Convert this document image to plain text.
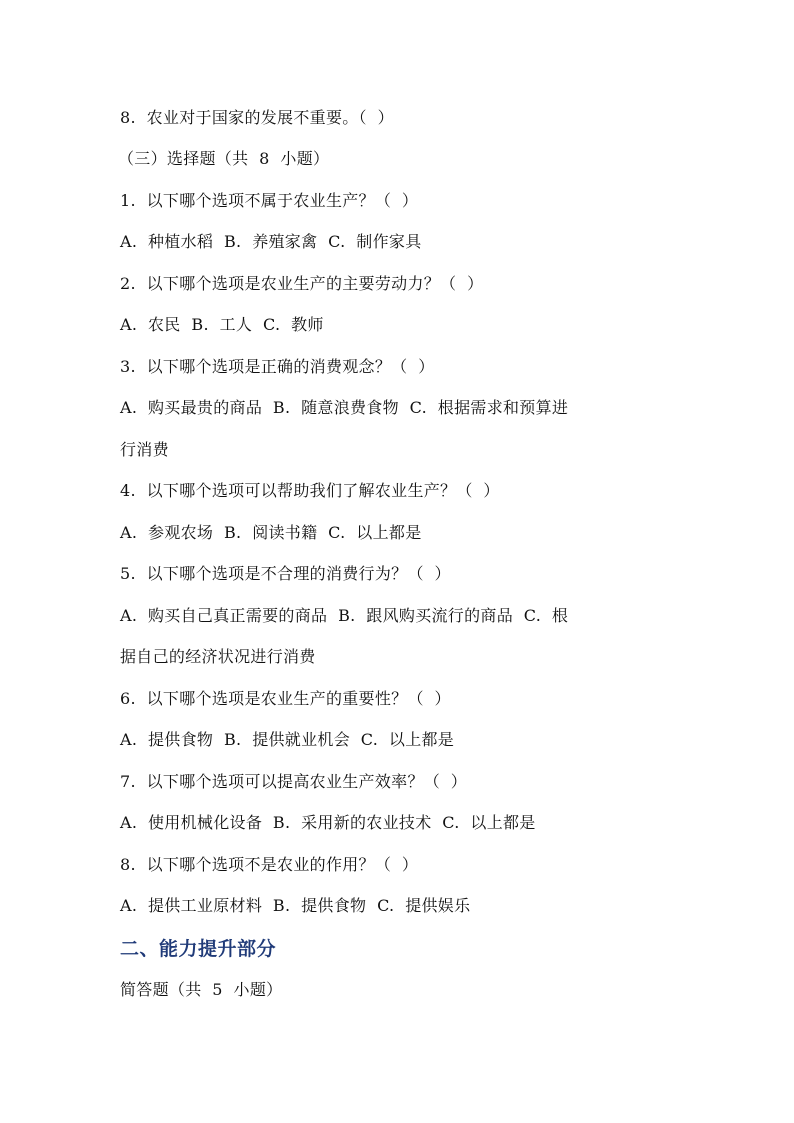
8.  农业对于国家的发展不重要。（  ）
（三）选择题（共  8  小题）
1.  以下哪个选项不属于农业生产？（  ）
A.  种植水稻  B.  养殖家禽  C.  制作家具
2.  以下哪个选项是农业生产的主要劳动力？（  ）
A.  农民  B.  工人  C.  教师
3.  以下哪个选项是正确的消费观念？（  ）
A.  购买最贵的商品  B.  随意浪费食物  C.  根据需求和预算进
行消费
4.  以下哪个选项可以帮助我们了解农业生产？（  ）
A.  参观农场  B.  阅读书籍  C.  以上都是
5.  以下哪个选项是不合理的消费行为？（  ）
A.  购买自己真正需要的商品  B.  跟风购买流行的商品  C.  根
据自己的经济状况进行消费
6.  以下哪个选项是农业生产的重要性？（  ）
A.  提供食物  B.  提供就业机会  C.  以上都是
7.  以下哪个选项可以提高农业生产效率？（  ）
A.  使用机械化设备  B.  采用新的农业技术  C.  以上都是
8.  以下哪个选项不是农业的作用？（  ）
A.  提供工业原材料  B.  提供食物  C.  提供娱乐
二、能力提升部分
简答题（共  5  小题）
